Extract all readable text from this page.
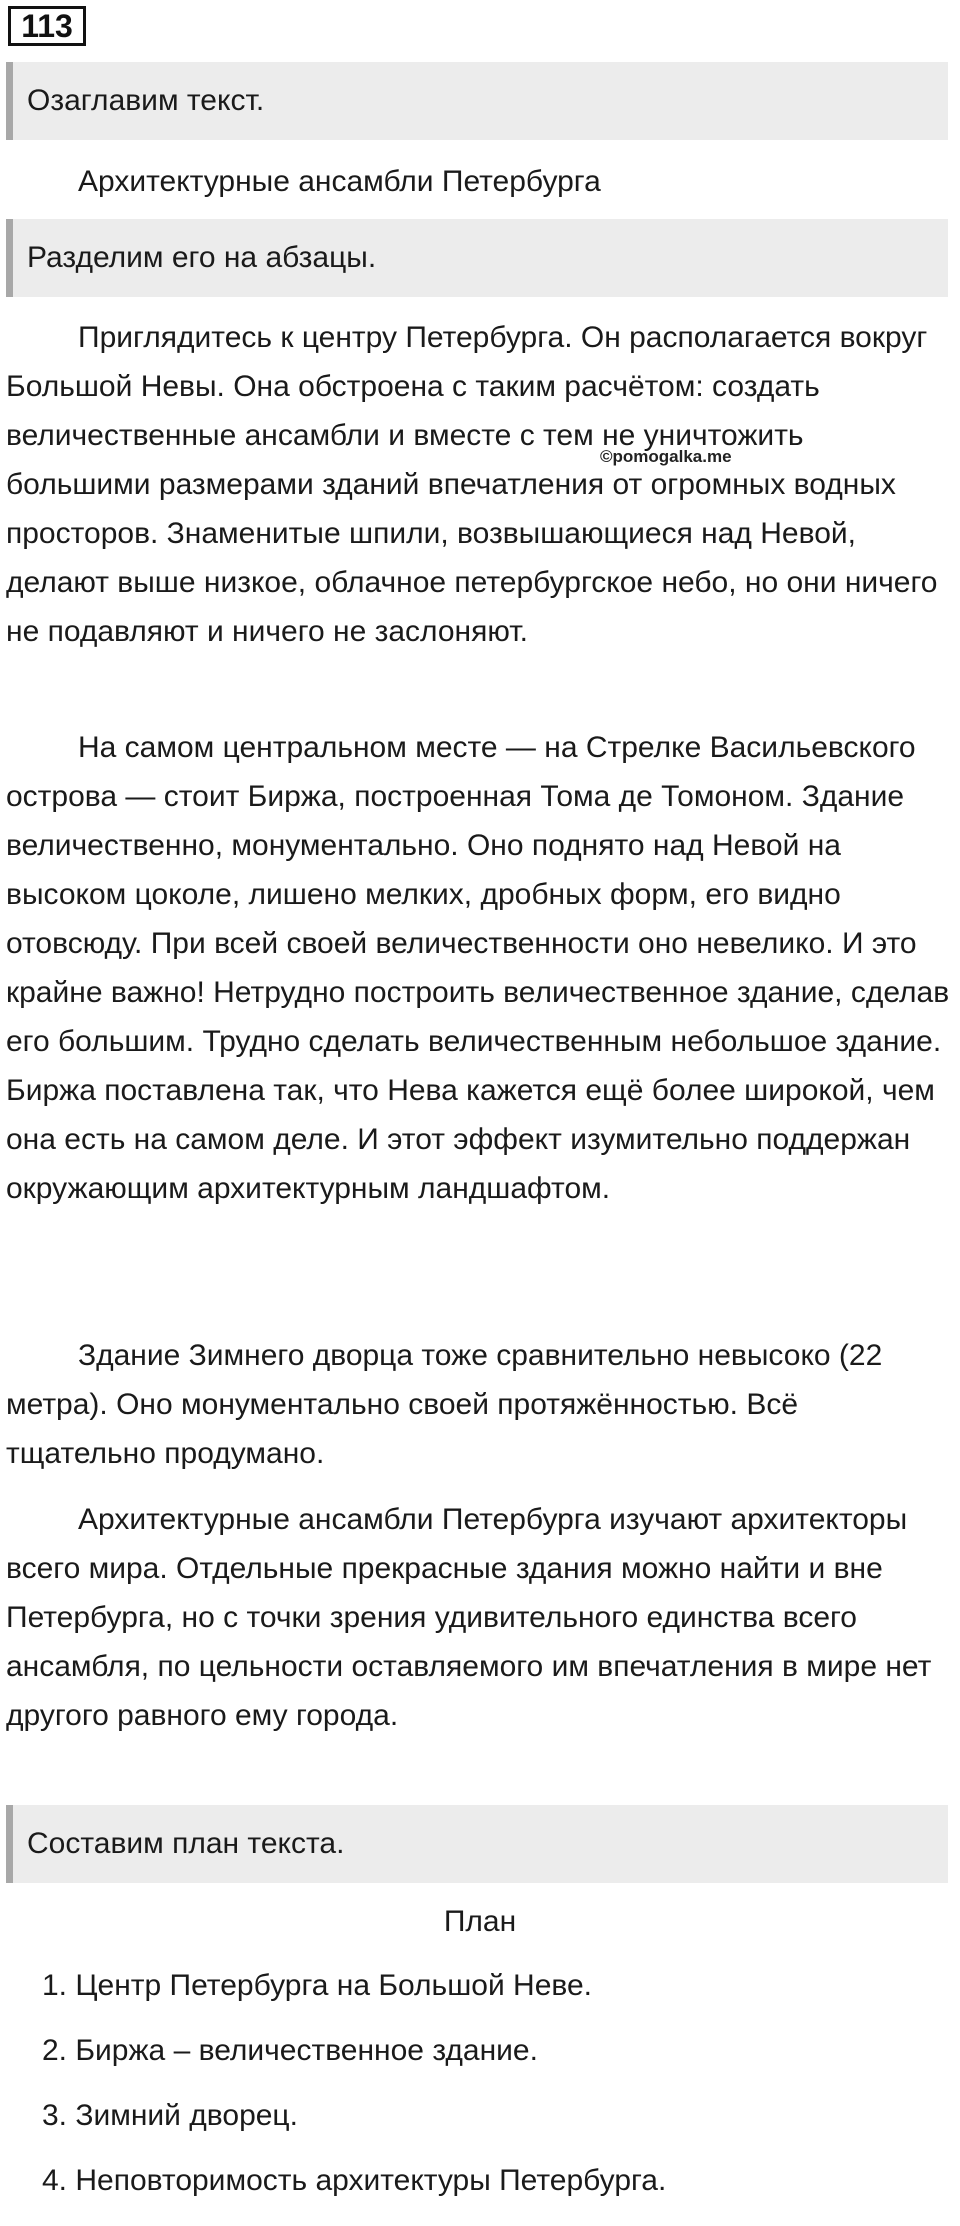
113
Озаглавим текст.
Архитектурные ансамбли Петербурга
Разделим его на абзацы.

Приглядитесь к центру Петербурга. Он располагается вокруг Большой Невы. Она обстроена с таким расчётом: создать величественные ансамбли и вместе с тем не уничтожить большими размерами зданий впечатления от огромных водных просторов. Знаменитые шпили, возвышающиеся над Невой, делают выше низкое, облачное петербургское небо, но они ничего не подавляют и ничего не заслоняют.

©pomogalka.me

На самом центральном месте — на Стрелке Васильевского острова — стоит Биржа, построенная Тома де Томоном. Здание величественно, монументально. Оно поднято над Невой на высоком цоколе, лишено мелких, дробных форм, его видно отовсюду. При всей своей величественности оно невелико. И это крайне важно! Нетрудно построить величественное здание, сделав его большим. Трудно сделать величественным небольшое здание. Биржа поставлена так, что Нева кажется ещё более широкой, чем она есть на самом деле. И этот эффект изумительно поддержан окружающим архитектурным ландшафтом.

Здание Зимнего дворца тоже сравнительно невысоко (22 метра). Оно монументально своей протяжённостью. Всё тщательно продумано.

Архитектурные ансамбли Петербурга изучают архитекторы всего мира. Отдельные прекрасные здания можно найти и вне Петербурга, но с точки зрения удивительного единства всего ансамбля, по цельности оставляемого им впечатления в мире нет другого равного ему города.

Составим план текста.
План
1. Центр Петербурга на Большой Неве.
2. Биржа – величественное здание.
3. Зимний дворец.
4. Неповторимость архитектуры Петербурга.
